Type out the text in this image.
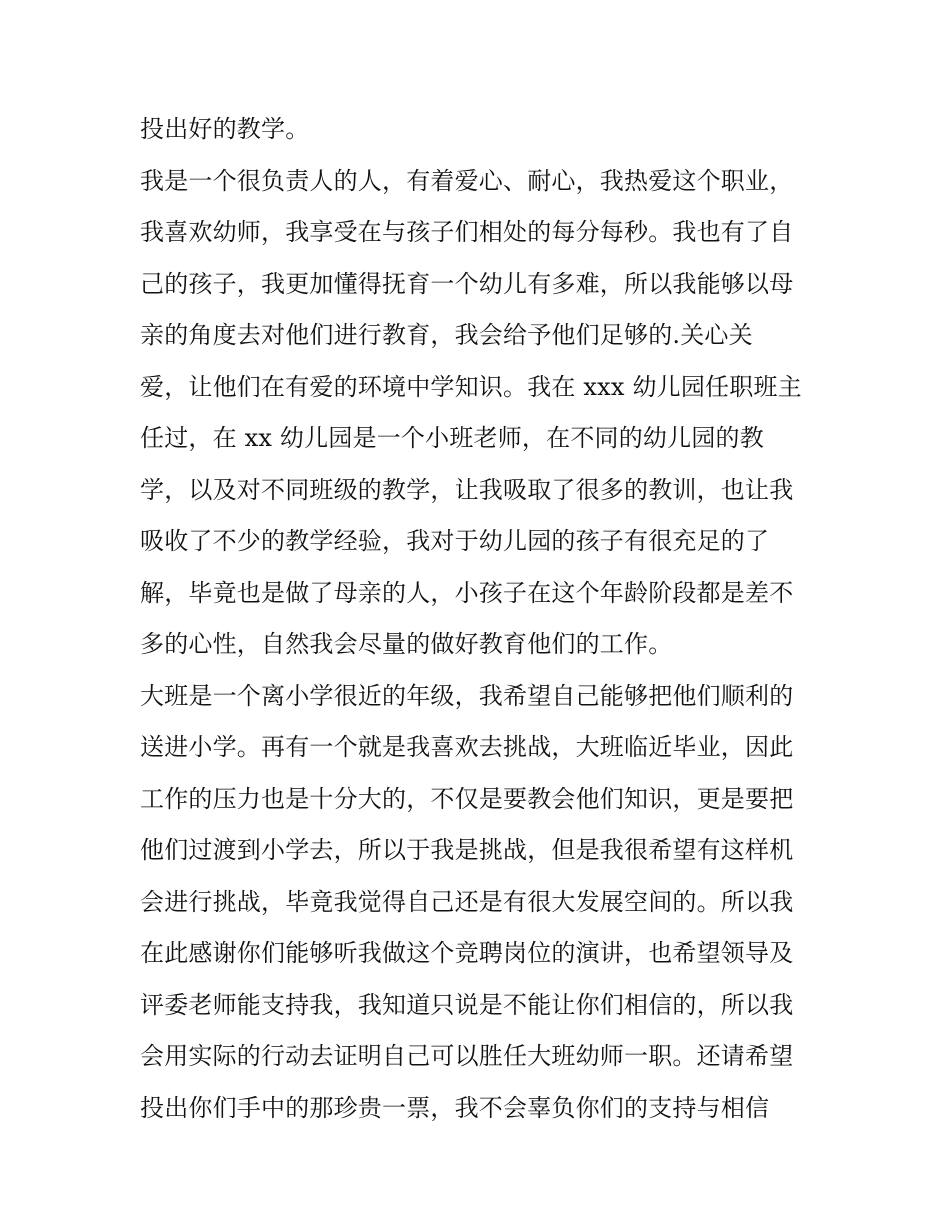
投出好的教学。
我是一个很负责人的人，有着爱心、耐心，我热爱这个职业，
我喜欢幼师，我享受在与孩子们相处的每分每秒。我也有了自
己的孩子，我更加懂得抚育一个幼儿有多难，所以我能够以母
亲的角度去对他们进行教育，我会给予他们足够的.关心关
爱，让他们在有爱的环境中学知识。我在 xxx 幼儿园任职班主
任过，在 xx 幼儿园是一个小班老师，在不同的幼儿园的教
学，以及对不同班级的教学，让我吸取了很多的教训，也让我
吸收了不少的教学经验，我对于幼儿园的孩子有很充足的了
解，毕竟也是做了母亲的人，小孩子在这个年龄阶段都是差不
多的心性，自然我会尽量的做好教育他们的工作。
大班是一个离小学很近的年级，我希望自己能够把他们顺利的
送进小学。再有一个就是我喜欢去挑战，大班临近毕业，因此
工作的压力也是十分大的，不仅是要教会他们知识，更是要把
他们过渡到小学去，所以于我是挑战，但是我很希望有这样机
会进行挑战，毕竟我觉得自己还是有很大发展空间的。所以我
在此感谢你们能够听我做这个竞聘岗位的演讲，也希望领导及
评委老师能支持我，我知道只说是不能让你们相信的，所以我
会用实际的行动去证明自己可以胜任大班幼师一职。还请希望
投出你们手中的那珍贵一票，我不会辜负你们的支持与相信
